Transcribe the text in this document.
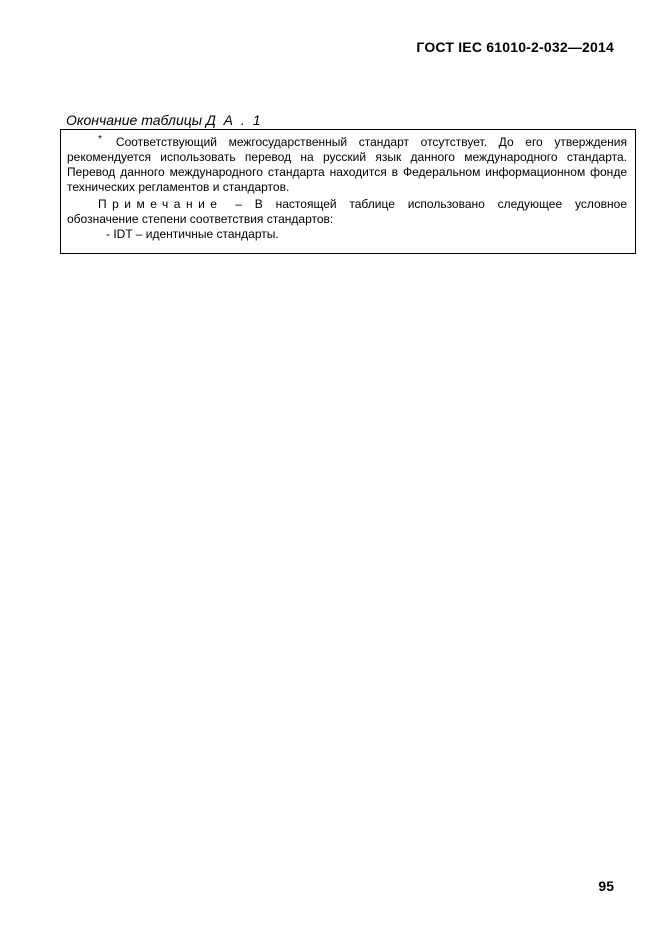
ГОСТ IEC 61010-2-032—2014
Окончание таблицы Д А . 1

* Соответствующий межгосударственный стандарт отсутствует. До его утверждения рекомендуется использовать перевод на русский язык данного международного стандарта. Перевод данного международного стандарта находится в Федеральном информационном фонде технических регламентов и стандартов.

Примечание – В настоящей таблице использовано следующее условное обозначение степени соответствия стандартов:

- IDT – идентичные стандарты.

95
